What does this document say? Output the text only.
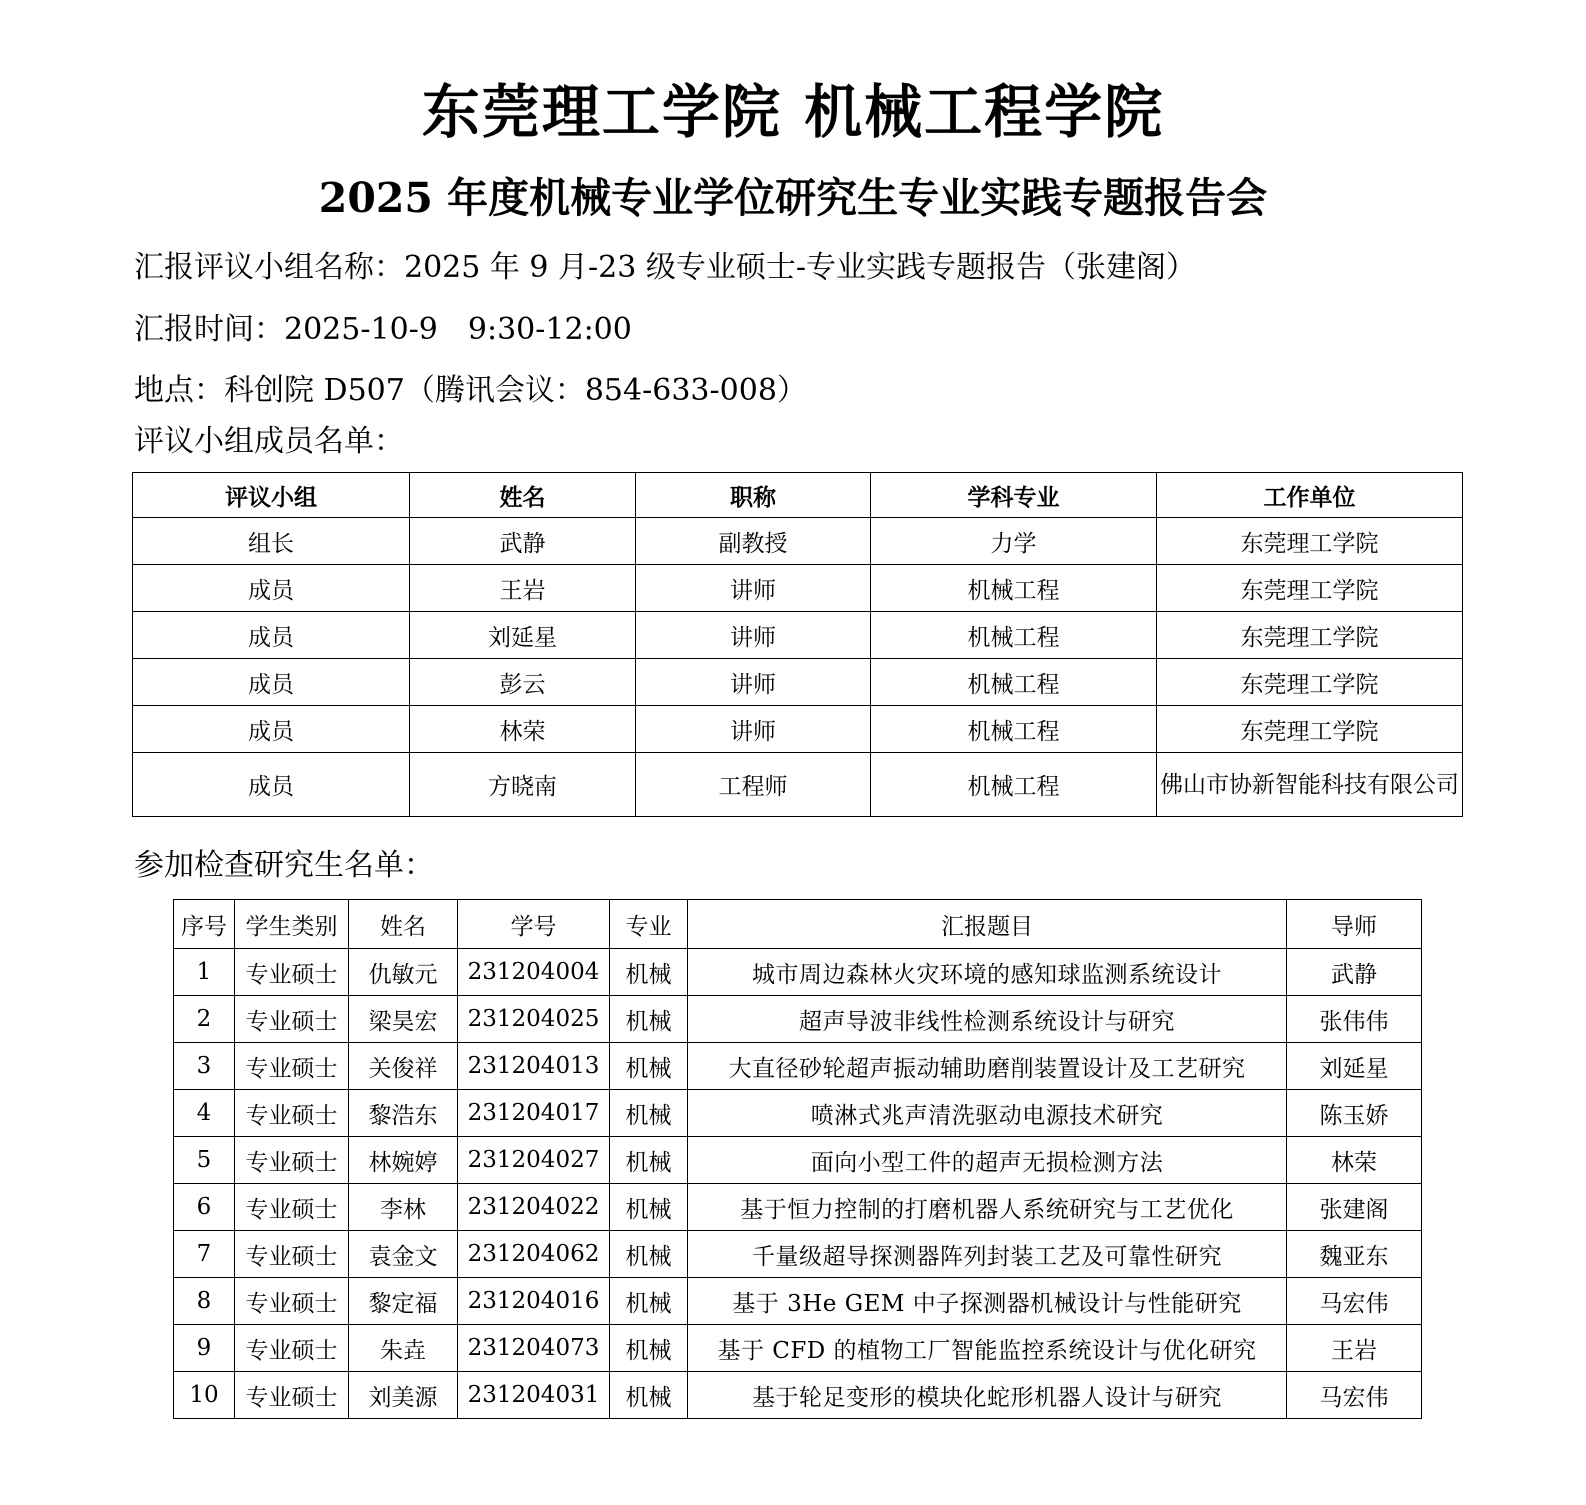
东莞理工学院 机械工程学院
2025 年度机械专业学位研究生专业实践专题报告会

汇报评议小组名称：2025 年 9 月-23 级专业硕士-专业实践专题报告（张建阁）

汇报时间：2025-10-9 9:30-12:00

地点：科创院 D507（腾讯会议：854-633-008）

评议小组成员名单：

评议小组	姓名	职称	学科专业	工作单位
组长	武静	副教授	力学	东莞理工学院
成员	王岩	讲师	机械工程	东莞理工学院
成员	刘延星	讲师	机械工程	东莞理工学院
成员	彭云	讲师	机械工程	东莞理工学院
成员	林荣	讲师	机械工程	东莞理工学院
成员	方晓南	工程师	机械工程	佛山市协新智能科技有限公司

参加检查研究生名单：

序号	学生类别	姓名	学号	专业	汇报题目	导师
1	专业硕士	仇敏元	231204004	机械	城市周边森林火灾环境的感知球监测系统设计	武静
2	专业硕士	梁昊宏	231204025	机械	超声导波非线性检测系统设计与研究	张伟伟
3	专业硕士	关俊祥	231204013	机械	大直径砂轮超声振动辅助磨削装置设计及工艺研究	刘延星
4	专业硕士	黎浩东	231204017	机械	喷淋式兆声清洗驱动电源技术研究	陈玉娇
5	专业硕士	林婉婷	231204027	机械	面向小型工件的超声无损检测方法	林荣
6	专业硕士	李林	231204022	机械	基于恒力控制的打磨机器人系统研究与工艺优化	张建阁
7	专业硕士	袁金文	231204062	机械	千量级超导探测器阵列封装工艺及可靠性研究	魏亚东
8	专业硕士	黎定福	231204016	机械	基于 3He GEM 中子探测器机械设计与性能研究	马宏伟
9	专业硕士	朱垚	231204073	机械	基于 CFD 的植物工厂智能监控系统设计与优化研究	王岩
10	专业硕士	刘美源	231204031	机械	基于轮足变形的模块化蛇形机器人设计与研究	马宏伟
